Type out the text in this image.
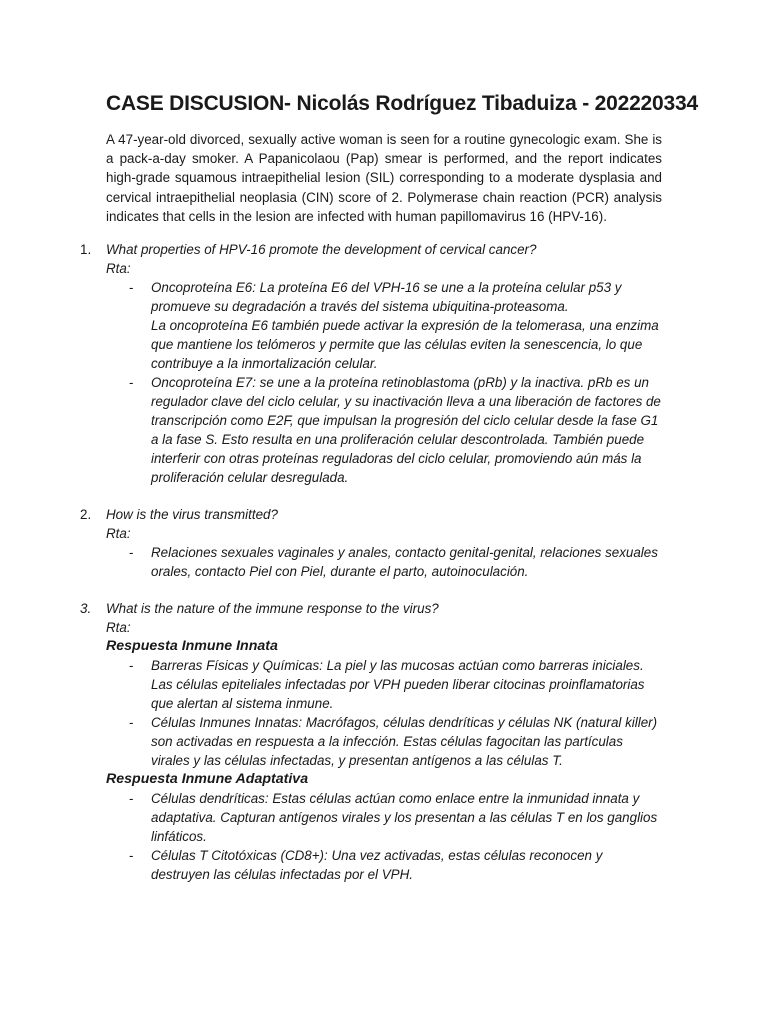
CASE DISCUSION- Nicolás Rodríguez Tibaduiza - 202220334

A 47-year-old divorced, sexually active woman is seen for a routine gynecologic exam. She is a pack-a-day smoker. A Papanicolaou (Pap) smear is performed, and the report indicates high-grade squamous intraepithelial lesion (SIL) corresponding to a moderate dysplasia and cervical intraepithelial neoplasia (CIN) score of 2. Polymerase chain reaction (PCR) analysis indicates that cells in the lesion are infected with human papillomavirus 16 (HPV-16).

1. What properties of HPV-16 promote the development of cervical cancer?
Rta:
- Oncoproteína E6: La proteína E6 del VPH-16 se une a la proteína celular p53 y promueve su degradación a través del sistema ubiquitina-proteasoma.
La oncoproteína E6 también puede activar la expresión de la telomerasa, una enzima que mantiene los telómeros y permite que las células eviten la senescencia, lo que contribuye a la inmortalización celular.
- Oncoproteína E7: se une a la proteína retinoblastoma (pRb) y la inactiva. pRb es un regulador clave del ciclo celular, y su inactivación lleva a una liberación de factores de transcripción como E2F, que impulsan la progresión del ciclo celular desde la fase G1 a la fase S. Esto resulta en una proliferación celular descontrolada. También puede interferir con otras proteínas reguladoras del ciclo celular, promoviendo aún más la proliferación celular desregulada.
2. How is the virus transmitted?
Rta:
- Relaciones sexuales vaginales y anales, contacto genital-genital, relaciones sexuales orales, contacto Piel con Piel, durante el parto, autoinoculación.
3. What is the nature of the immune response to the virus?
Rta:
Respuesta Inmune Innata
- Barreras Físicas y Químicas: La piel y las mucosas actúan como barreras iniciales. Las células epiteliales infectadas por VPH pueden liberar citocinas proinflamatorias que alertan al sistema inmune.
- Células Inmunes Innatas: Macrófagos, células dendríticas y células NK (natural killer) son activadas en respuesta a la infección. Estas células fagocitan las partículas virales y las células infectadas, y presentan antígenos a las células T.
Respuesta Inmune Adaptativa
- Células dendríticas: Estas células actúan como enlace entre la inmunidad innata y adaptativa. Capturan antígenos virales y los presentan a las células T en los ganglios linfáticos.
- Células T Citotóxicas (CD8+): Una vez activadas, estas células reconocen y destruyen las células infectadas por el VPH.
